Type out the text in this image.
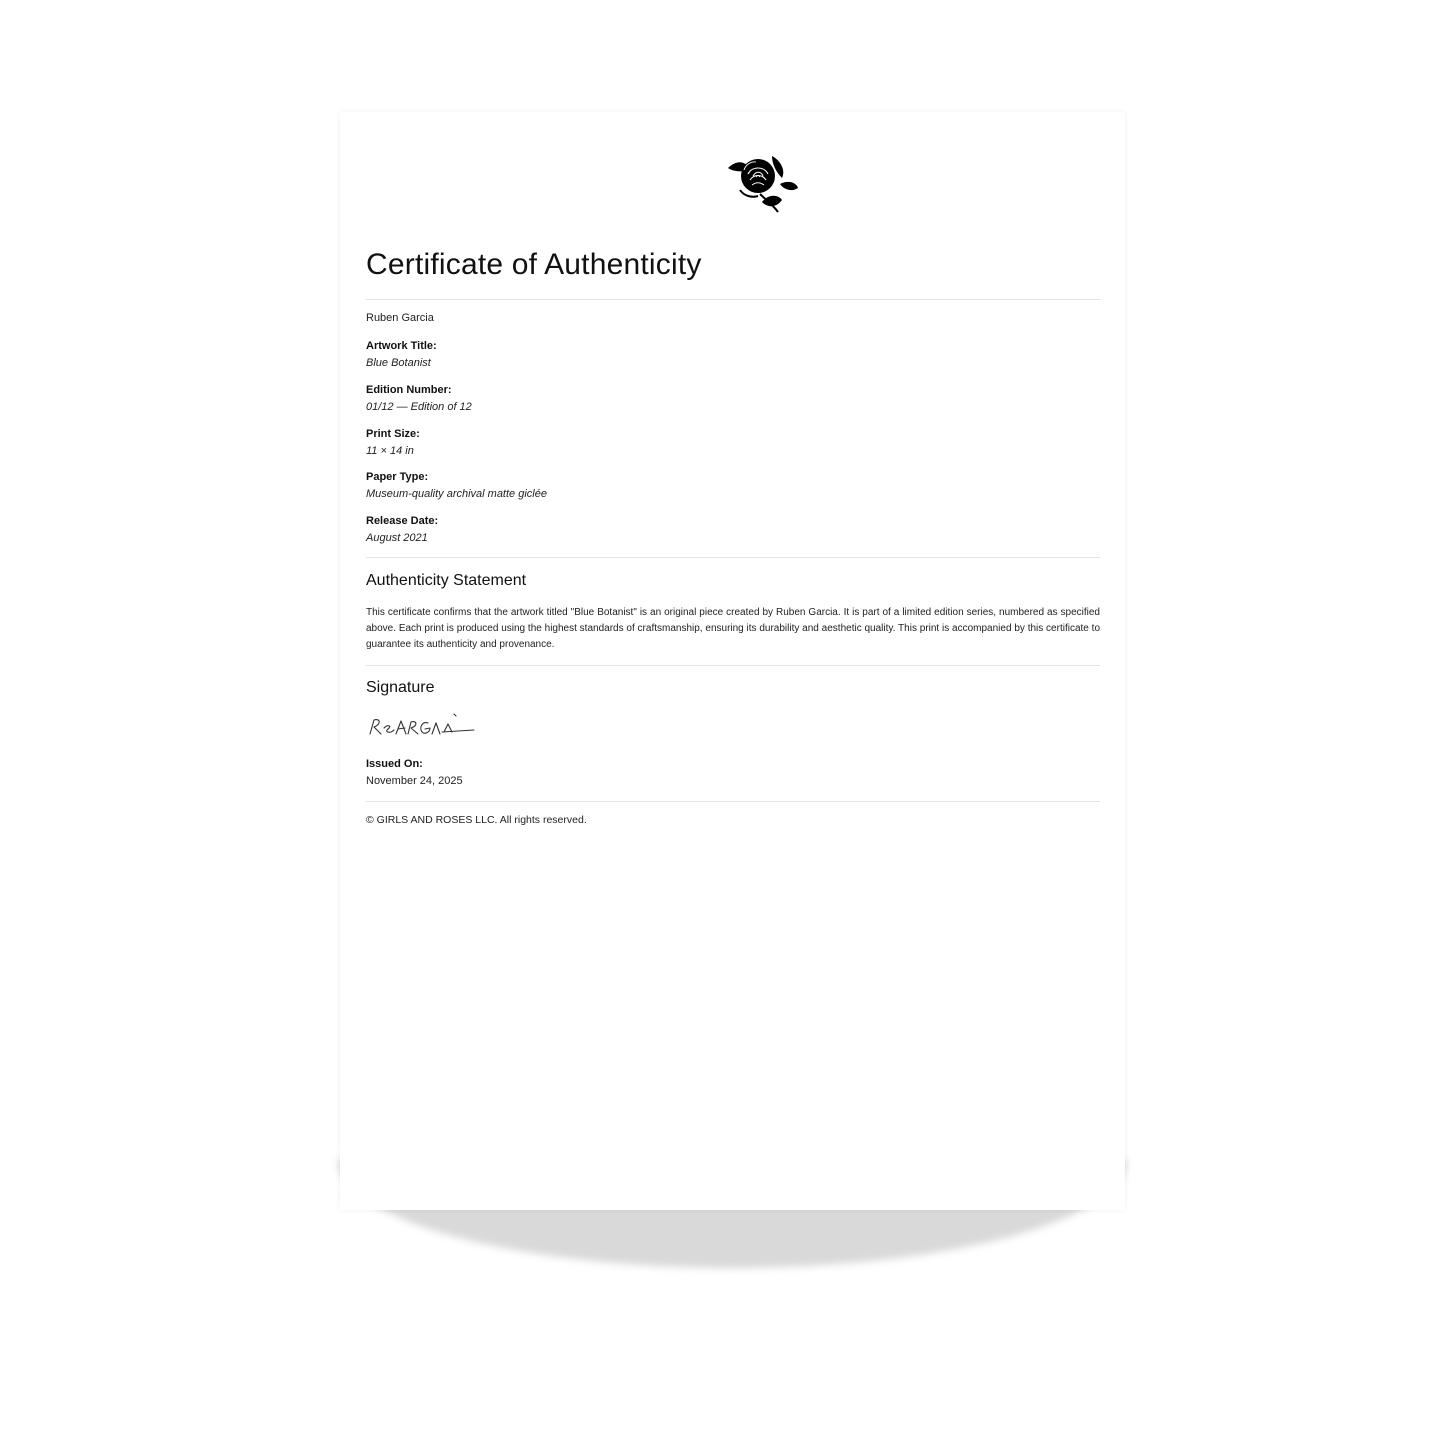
Certificate of Authenticity
Ruben Garcia
Artwork Title:
Blue Botanist
Edition Number:
01/12 — Edition of 12
Print Size:
11 × 14 in
Paper Type:
Museum-quality archival matte giclée
Release Date:
August 2021
Authenticity Statement
This certificate confirms that the artwork titled "Blue Botanist" is an original piece created by Ruben Garcia. It is part of a limited edition series, numbered as specified above. Each print is produced using the highest standards of craftsmanship, ensuring its durability and aesthetic quality. This print is accompanied by this certificate to guarantee its authenticity and provenance.
Signature
Issued On:
November 24, 2025
© GIRLS AND ROSES LLC. All rights reserved.
